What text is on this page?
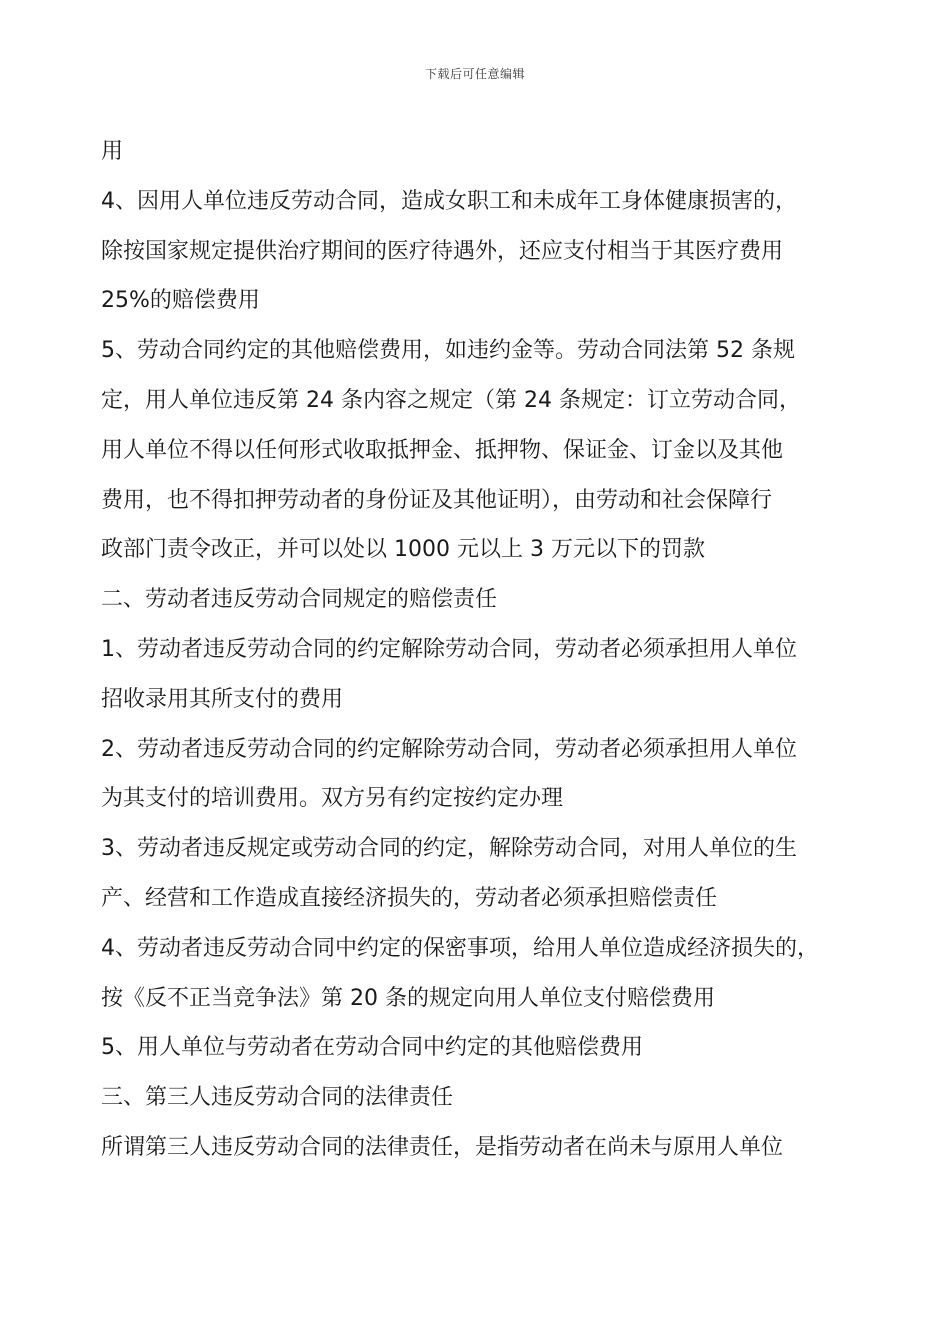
下载后可任意编辑
用
4、因用人单位违反劳动合同，造成女职工和未成年工身体健康损害的，
除按国家规定提供治疗期间的医疗待遇外，还应支付相当于其医疗费用
25%的赔偿费用
5、劳动合同约定的其他赔偿费用，如违约金等。劳动合同法第 52 条规
定，用人单位违反第 24 条内容之规定（第 24 条规定：订立劳动合同，
用人单位不得以任何形式收取抵押金、抵押物、保证金、订金以及其他
费用，也不得扣押劳动者的身份证及其他证明），由劳动和社会保障行
政部门责令改正，并可以处以 1000 元以上 3 万元以下的罚款
二、劳动者违反劳动合同规定的赔偿责任
1、劳动者违反劳动合同的约定解除劳动合同，劳动者必须承担用人单位
招收录用其所支付的费用
2、劳动者违反劳动合同的约定解除劳动合同，劳动者必须承担用人单位
为其支付的培训费用。双方另有约定按约定办理
3、劳动者违反规定或劳动合同的约定，解除劳动合同，对用人单位的生
产、经营和工作造成直接经济损失的，劳动者必须承担赔偿责任
4、劳动者违反劳动合同中约定的保密事项，给用人单位造成经济损失的，
按《反不正当竞争法》第 20 条的规定向用人单位支付赔偿费用
5、用人单位与劳动者在劳动合同中约定的其他赔偿费用
三、第三人违反劳动合同的法律责任
所谓第三人违反劳动合同的法律责任，是指劳动者在尚未与原用人单位
